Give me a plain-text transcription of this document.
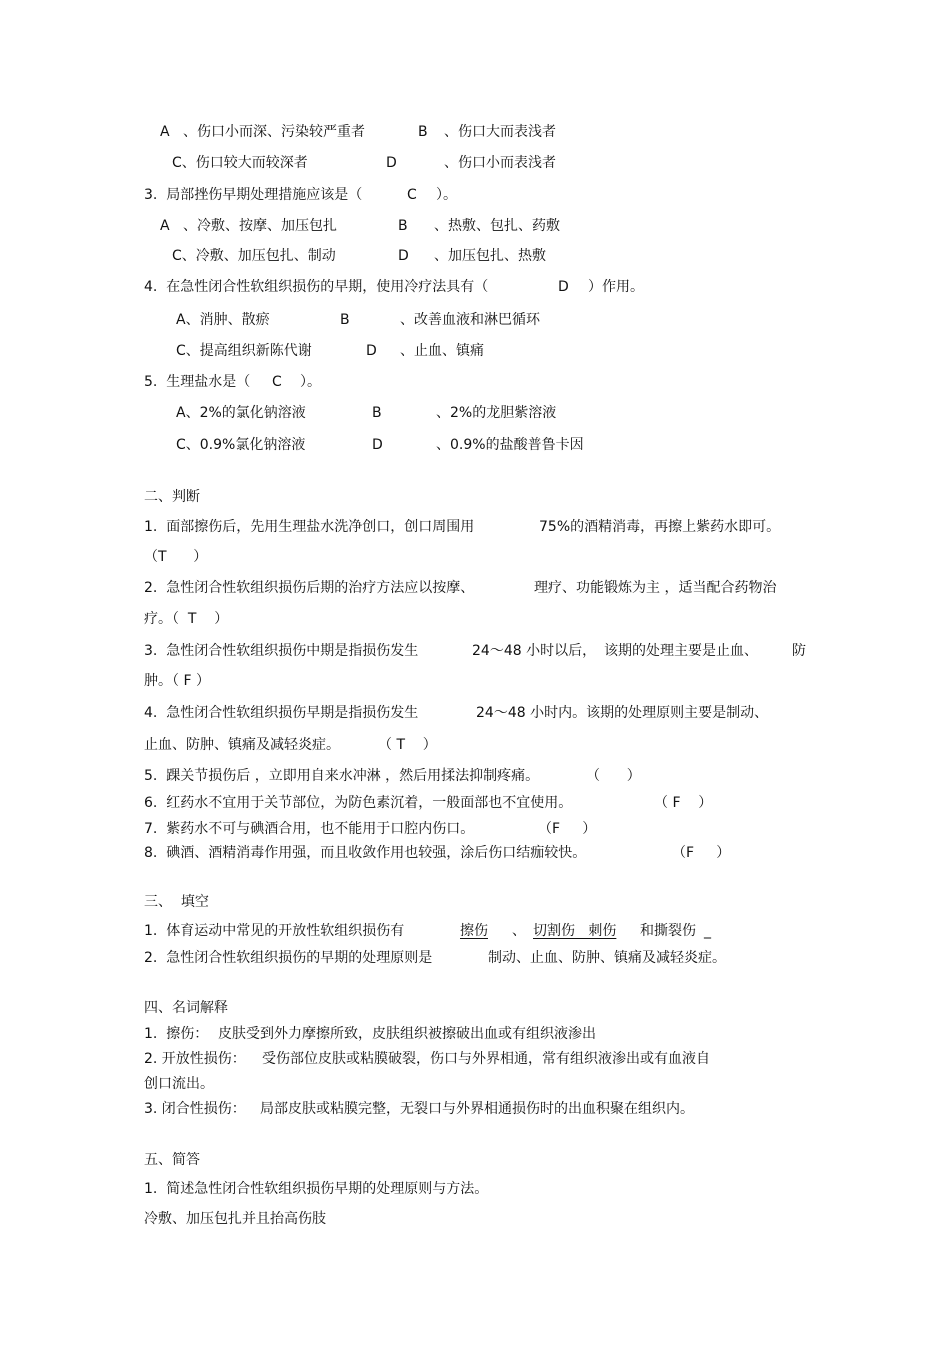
A 、伤口小而深、污染较严重者	B 、伤口大而表浅者
C、伤口较大而较深者	D	、伤口小而表浅者
3.  局部挫伤早期处理措施应该是（	C ）。
A 、冷敷、按摩、加压包扎	B 、热敷、包扎、药敷
C、冷敷、加压包扎、制动	D 、加压包扎、热敷
4.  在急性闭合性软组织损伤的早期，使用冷疗法具有（	D ）作用。
A、消肿、散瘀	B	、改善血液和淋巴循环
C、提高组织新陈代谢	D 、止血、镇痛
5.  生理盐水是（ C ）。
A、2%的氯化钠溶液	B	、2%的龙胆紫溶液
C、0.9%氯化钠溶液	D	、0.9%的盐酸普鲁卡因
二、判断
1.  面部擦伤后，先用生理盐水洗净创口，创口周围用	75%的酒精消毒，再擦上紫药水即可。
（T      ）
2.  急性闭合性软组织损伤后期的治疗方法应以按摩、	理疗、功能锻炼为主 ，适当配合药物治
疗。（  T    ）
3.  急性闭合性软组织损伤中期是指损伤发生	24～48 小时以后， 该期的处理主要是止血、 防
肿。（ F ）
4.  急性闭合性软组织损伤早期是指损伤发生	24～48 小时内。该期的处理原则主要是制动、
止血、防肿、镇痛及减轻炎症。	（ T    ）
5.  踝关节损伤后 ，立即用自来水冲淋 ，然后用揉法抑制疼痛。	（      ）
6.  红药水不宜用于关节部位，为防色素沉着，一般面部也不宜使用。	（ F    ）
7.  紫药水不可与碘酒合用，也不能用于口腔内伤口。	（F     ）
8.  碘酒、酒精消毒作用强，而且收敛作用也较强，涂后伤口结痂较快。	（F     ）
三、  填空
1.  体育运动中常见的开放性软组织损伤有	擦伤	、 切割伤   刺伤 和撕裂伤 _
2.  急性闭合性软组织损伤的早期的处理原则是	制动、止血、防肿、镇痛及减轻炎症。
四、名词解释
1.  擦伤： 皮肤受到外力摩擦所致，皮肤组织被擦破出血或有组织液渗出
2. 开放性损伤： 受伤部位皮肤或粘膜破裂，伤口与外界相通，常有组织液渗出或有血液自
创口流出。
3. 闭合性损伤： 局部皮肤或粘膜完整，无裂口与外界相通损伤时的出血积聚在组织内。
五、简答
1.  简述急性闭合性软组织损伤早期的处理原则与方法。
冷敷、加压包扎并且抬高伤肢
